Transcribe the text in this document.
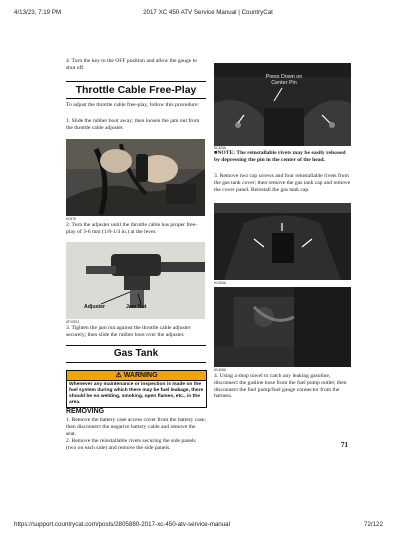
4/13/23, 7:19 PM	2017 XC 450 ATV Service Manual | CountryCat
4. Turn the key to the OFF position and allow the gauge to shut off.
Throttle Cable Free-Play
To adjust the throttle cable free-play, follow this procedure:
1. Slide the rubber boot away; then loosen the jam nut from the throttle cable adjuster.
KC576
2. Turn the adjuster until the throttle cable has proper free-play of 3-6 mm (1/8-1/4 in.) at the lever.
Adjuster	Jam Nut
ATV0574
3. Tighten the jam nut against the throttle cable adjuster securely; then slide the rubber boot over the adjuster.
Gas Tank
⚠ WARNING
Whenever any maintenance or inspection is made on the fuel system during which there may be fuel leakage, there should be no welding, smoking, open flames, etc., in the area.
REMOVING
1. Remove the battery case access cover from the battery case; then disconnect the negative battery cable and remove the seat.
2. Remove the reinstallable rivets securing the side panels (two on each side) and remove the side panels.
Press Down on Center Pin
KC403A
■NOTE: The reinstallable rivets may be easily released by depressing the pin in the center of the head.
3. Remove two cap screws and four reinstallable rivets from the gas tank cover; then remove the gas tank cap and remove the cover panel. Reinstall the gas tank cap.
KC404A
KC405A
4. Using a shop towel to catch any leaking gasoline, disconnect the gasline hose from the fuel pump outlet; then disconnect the fuel pump/fuel gauge connector from the harness.
71
https://support.countrycat.com/posts/2805880-2017-xc-450-atv-service-manual	72/122
